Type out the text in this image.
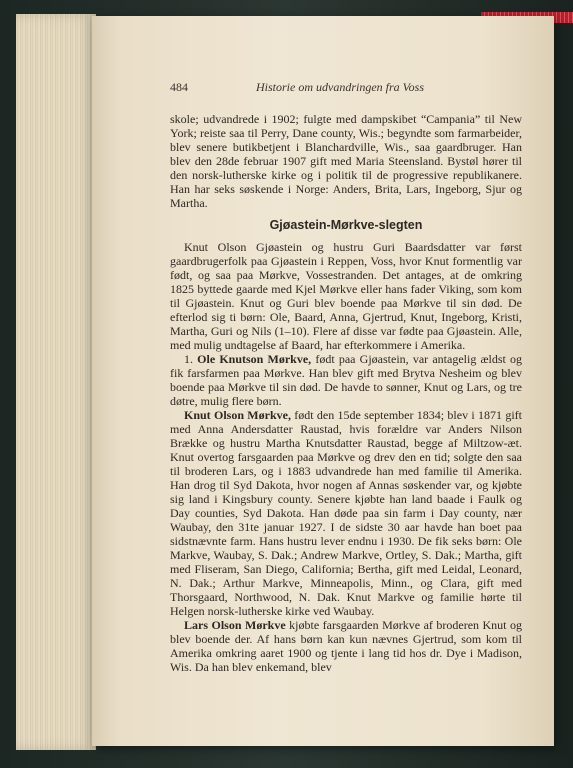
484	Historie om udvandringen fra Voss

skole; udvandrede i 1902; fulgte med dampskibet “Campania” til New York; reiste saa til Perry, Dane county, Wis.; begyndte som farmarbeider, blev senere butikbetjent i Blanchardville, Wis., saa gaardbruger. Han blev den 28de februar 1907 gift med Maria Steensland. Bystøl hører til den norsk-lutherske kirke og i politik til de progressive republikanere. Han har seks søskende i Norge: Anders, Brita, Lars, Ingeborg, Sjur og Martha.

Gjøastein-Mørkve-slegten

Knut Olson Gjøastein og hustru Guri Baardsdatter var først gaardbrugerfolk paa Gjøastein i Reppen, Voss, hvor Knut formentlig var født, og saa paa Mørkve, Vossestranden. Det antages, at de omkring 1825 byttede gaarde med Kjel Mørkve eller hans fader Viking, som kom til Gjøastein. Knut og Guri blev boende paa Mørkve til sin død. De efterlod sig ti børn: Ole, Baard, Anna, Gjertrud, Knut, Ingeborg, Kristi, Martha, Guri og Nils (1–10). Flere af disse var fødte paa Gjøastein. Alle, med mulig undtagelse af Baard, har efterkommere i Amerika.

1. Ole Knutson Mørkve, født paa Gjøastein, var antagelig ældst og fik farsfarmen paa Mørkve. Han blev gift med Brytva Nesheim og blev boende paa Mørkve til sin død. De havde to sønner, Knut og Lars, og tre døtre, mulig flere børn.

Knut Olson Mørkve, født den 15de september 1834; blev i 1871 gift med Anna Andersdatter Raustad, hvis forældre var Anders Nilson Brække og hustru Martha Knutsdatter Raustad, begge af Miltzow-æt. Knut overtog farsgaarden paa Mørkve og drev den en tid; solgte den saa til broderen Lars, og i 1883 udvandrede han med familie til Amerika. Han drog til Syd Dakota, hvor nogen af Annas søskender var, og kjøbte sig land i Kingsbury county. Senere kjøbte han land baade i Faulk og Day counties, Syd Dakota. Han døde paa sin farm i Day county, nær Waubay, den 31te januar 1927. I de sidste 30 aar havde han boet paa sidstnævnte farm. Hans hustru lever endnu i 1930. De fik seks børn: Ole Markve, Waubay, S. Dak.; Andrew Markve, Ortley, S. Dak.; Martha, gift med Fliseram, San Diego, California; Bertha, gift med Leidal, Leonard, N. Dak.; Arthur Markve, Minneapolis, Minn., og Clara, gift med Thorsgaard, Northwood, N. Dak. Knut Markve og familie hørte til Helgen norsk-lutherske kirke ved Waubay.

Lars Olson Mørkve kjøbte farsgaarden Mørkve af broderen Knut og blev boende der. Af hans børn kan kun nævnes Gjertrud, som kom til Amerika omkring aaret 1900 og tjente i lang tid hos dr. Dye i Madison, Wis. Da han blev enkemand, blev
